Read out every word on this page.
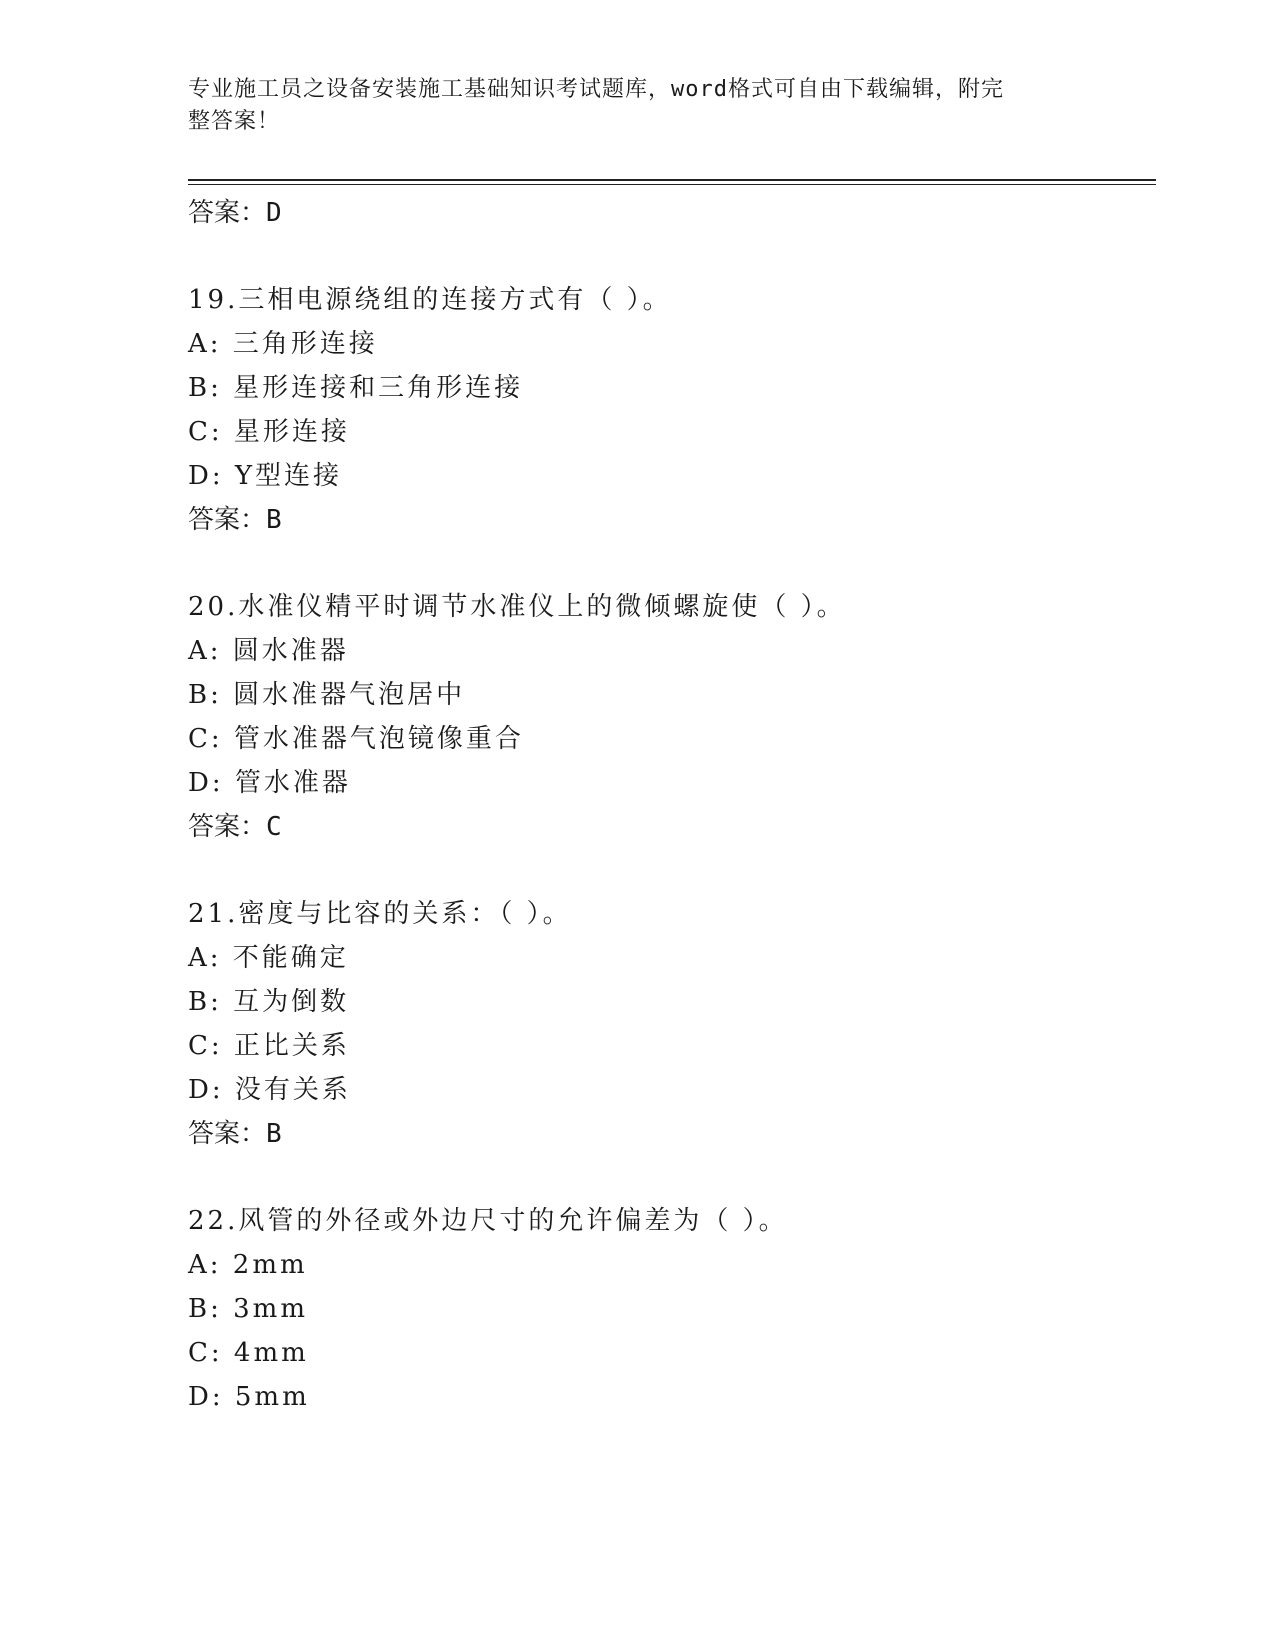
专业施工员之设备安装施工基础知识考试题库，word格式可自由下载编辑，附完
整答案！
答案：D
19.三相电源绕组的连接方式有（ ）。
A: 三角形连接
B: 星形连接和三角形连接
C: 星形连接
D: Y型连接
答案：B
20.水准仪精平时调节水准仪上的微倾螺旋使（ ）。
A: 圆水准器
B: 圆水准器气泡居中
C: 管水准器气泡镜像重合
D: 管水准器
答案：C
21.密度与比容的关系：（ ）。
A: 不能确定
B: 互为倒数
C: 正比关系
D: 没有关系
答案：B
22.风管的外径或外边尺寸的允许偏差为（ ）。
A: 2mm
B: 3mm
C: 4mm
D: 5mm
